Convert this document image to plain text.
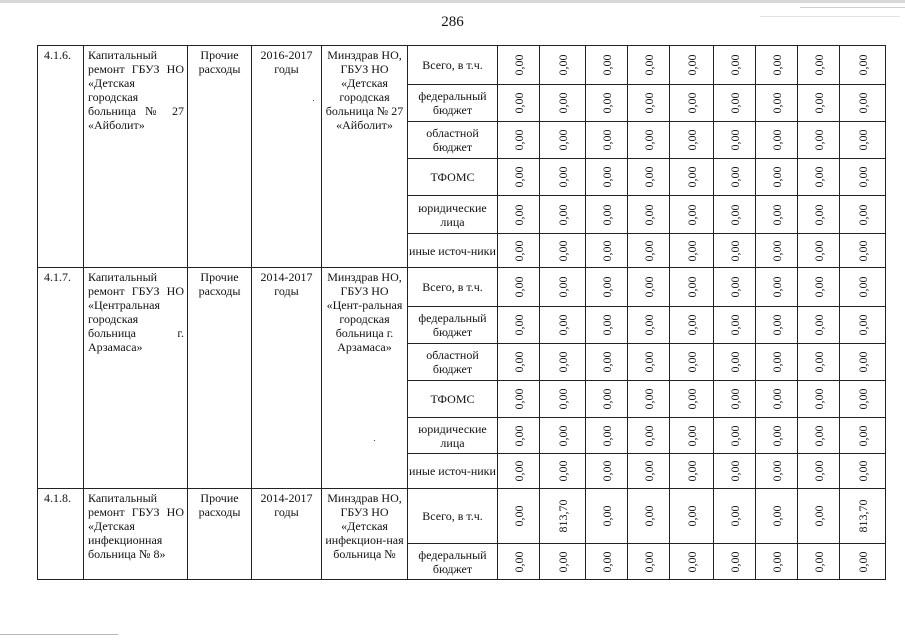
286
4.1.6.	Капитальный ремонт ГБУЗ НО «Детская городская больница № 27 «Айболит»	Прочие расходы	2016-2017 годы	Минздрав НО, ГБУЗ НО «Детская городская больница № 27 «Айболит»	Всего, в т.ч.	0,00	0,00	0,00	0,00	0,00	0,00	0,00	0,00	0,00

					федеральный бюджет	0,00	0,00	0,00	0,00	0,00	0,00	0,00	0,00	0,00

					областной бюджет	0,00	0,00	0,00	0,00	0,00	0,00	0,00	0,00	0,00

					ТФОМС	0,00	0,00	0,00	0,00	0,00	0,00	0,00	0,00	0,00

					юридические лица	0,00	0,00	0,00	0,00	0,00	0,00	0,00	0,00	0,00

					иные источ-ники	0,00	0,00	0,00	0,00	0,00	0,00	0,00	0,00	0,00

4.1.7.	Капитальный ремонт ГБУЗ НО «Центральная городская больница г. Арзамаса»	Прочие расходы	2014-2017 годы	Минздрав НО, ГБУЗ НО «Цент-ральная городская больница г. Арзамаса»	Всего, в т.ч.	0,00	0,00	0,00	0,00	0,00	0,00	0,00	0,00	0,00

					федеральный бюджет	0,00	0,00	0,00	0,00	0,00	0,00	0,00	0,00	0,00

					областной бюджет	0,00	0,00	0,00	0,00	0,00	0,00	0,00	0,00	0,00

					ТФОМС	0,00	0,00	0,00	0,00	0,00	0,00	0,00	0,00	0,00

					юридические лица	0,00	0,00	0,00	0,00	0,00	0,00	0,00	0,00	0,00

					иные источ-ники	0,00	0,00	0,00	0,00	0,00	0,00	0,00	0,00	0,00

4.1.8.	Капитальный ремонт ГБУЗ НО «Детская инфекционная больница № 8»	Прочие расходы	2014-2017 годы	Минздрав НО, ГБУЗ НО «Детская инфекцион-ная больница №	Всего, в т.ч.	0,00	813,70	0,00	0,00	0,00	0,00	0,00	0,00	813,70

					федеральный бюджет	0,00	0,00	0,00	0,00	0,00	0,00	0,00	0,00	0,00
